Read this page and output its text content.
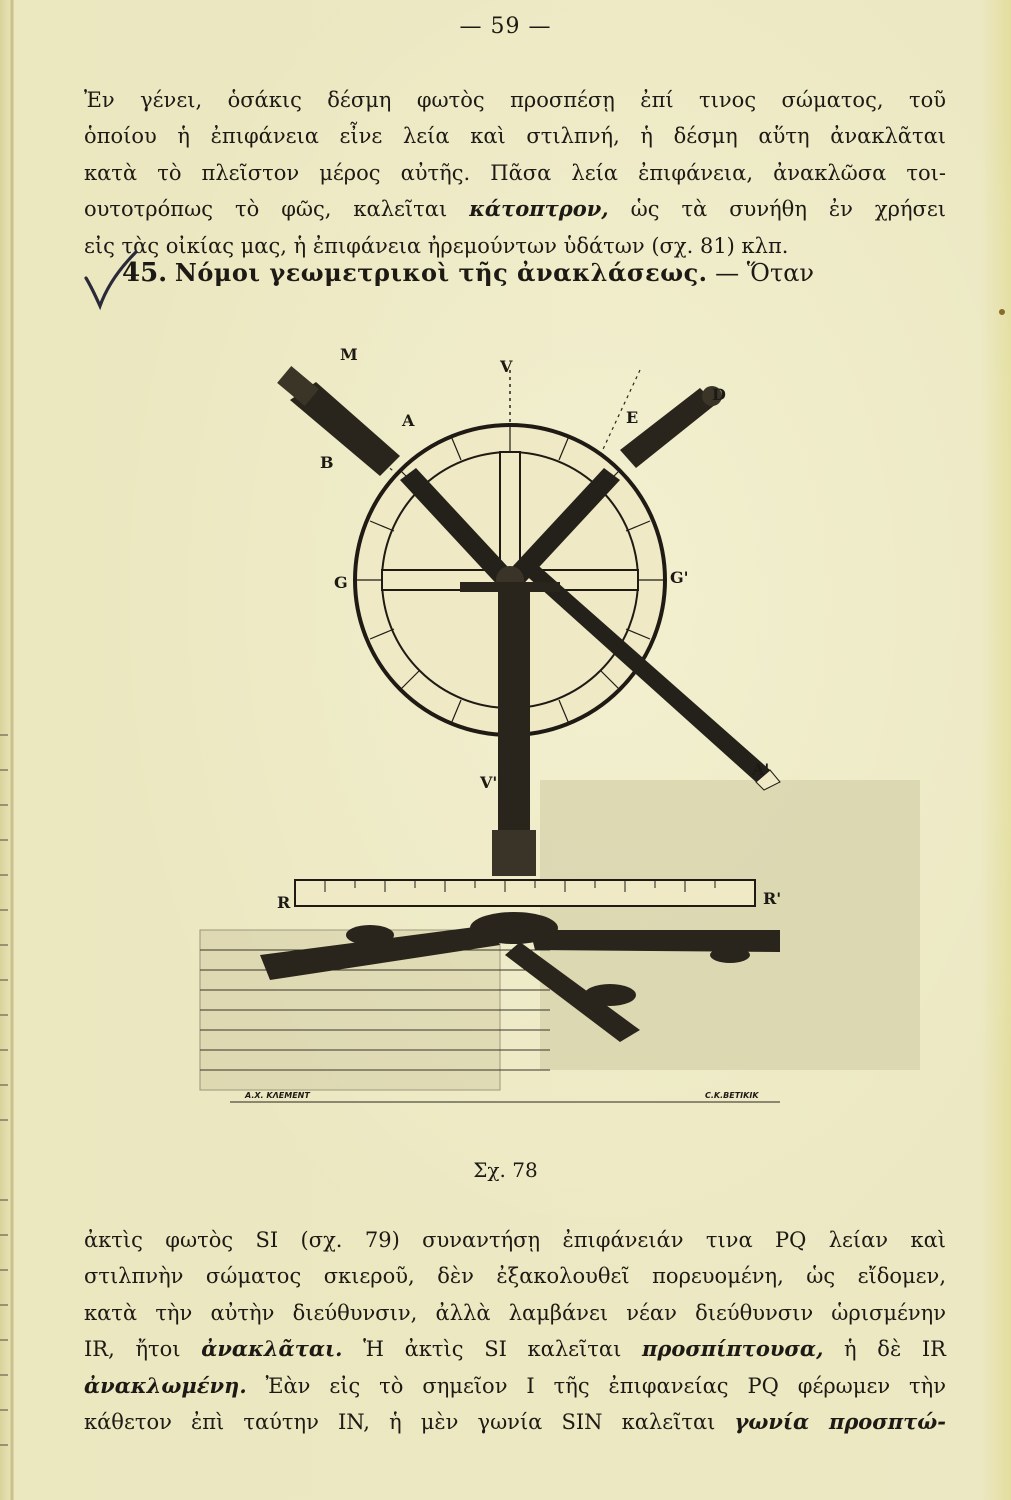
— 59 —
Ἐν γένει, ὁσάκις δέσμη φωτὸς προσπέσῃ ἐπί τινος σώματος, τοῦ
ὁποίου ἡ ἐπιφάνεια εἶνε λεία καὶ στιλπνή, ἡ δέσμη αὕτη ἀνακλᾶται
κατὰ τὸ πλεῖστον μέρος αὐτῆς. Πᾶσα λεία ἐπιφάνεια, ἀνακλῶσα τοι-
ουτοτρόπως τὸ φῶς, καλεῖται κάτοπτρον, ὡς τὰ συνήθη ἐν χρήσει
εἰς τὰς οἰκίας μας, ἡ ἐπιφάνεια ἠρεμούντων ὑδάτων (σχ. 81) κλπ.
45. Νόμοι γεωμετρικοὶ τῆς ἀνακλάσεως. — Ὅταν
M
B
A
V
D
E
G	G'
A'
V'
R	R'
A.X. ΚΛΕΜΕΝΤ	C.K.ΒΕΤΙΚΙΚ
Σχ. 78
ἀκτὶς φωτὸς SI (σχ. 79) συναντήσῃ ἐπιφάνειάν τινα PQ λείαν καὶ
στιλπνὴν σώματος σκιεροῦ, δὲν ἐξακολουθεῖ πορευομένη, ὡς εἴδομεν,
κατὰ τὴν αὐτὴν διεύθυνσιν, ἀλλὰ λαμβάνει νέαν διεύθυνσιν ὡρισμένην
IR, ἤτοι ἀνακλᾶται. Ἡ ἀκτὶς SI καλεῖται προσπίπτουσα, ἡ δὲ IR
ἀνακλωμένη. Ἐὰν εἰς τὸ σημεῖον I τῆς ἐπιφανείας PQ φέρωμεν τὴν
κάθετον ἐπὶ ταύτην IN, ἡ μὲν γωνία SIN καλεῖται γωνία προσπτώ-
